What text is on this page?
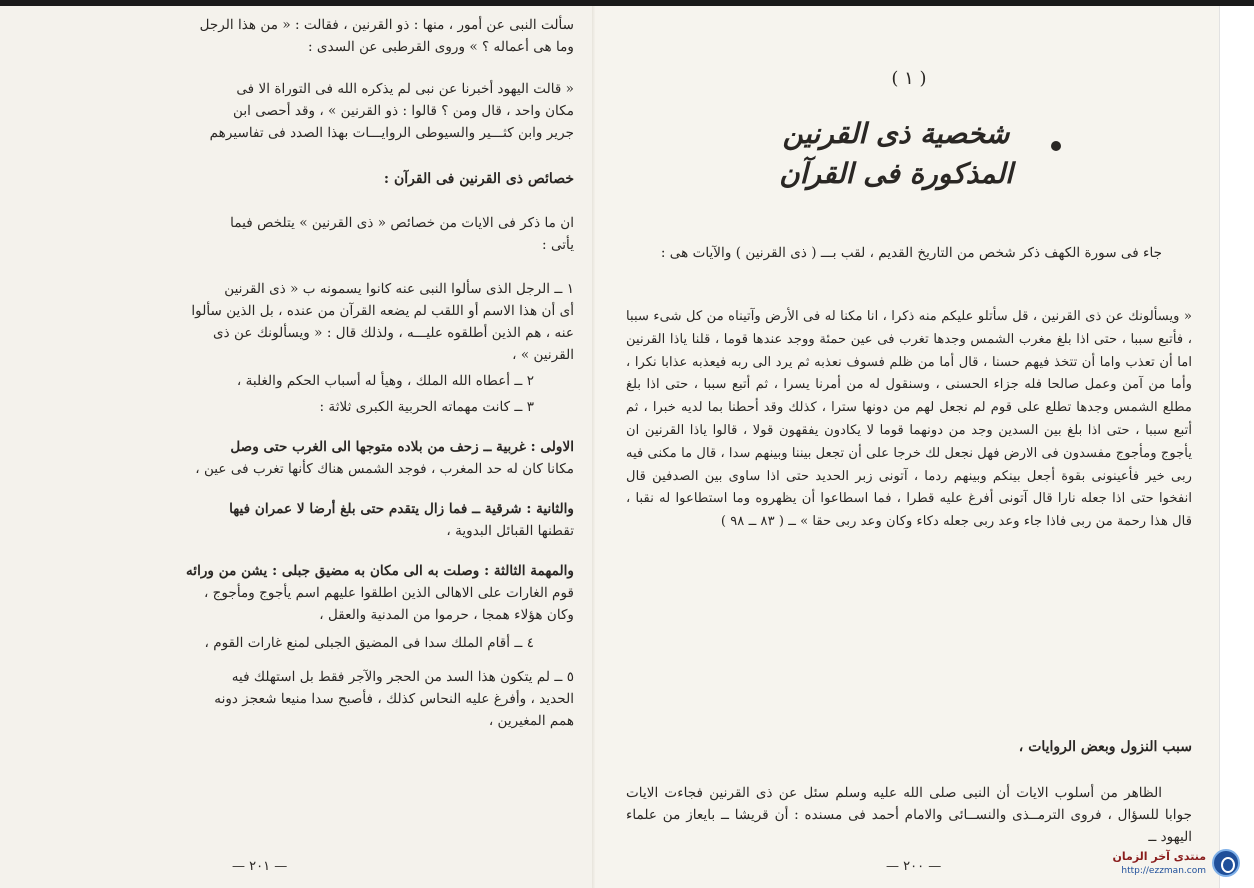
سألت النبى عن أمور ، منها : ذو القرنين ، فقالت : « من هذا الرجل

وما هى أعماله ؟ » وروى القرطبى عن السدى :

« قالت اليهود أخبرنا عن نبى لم يذكره الله فى التوراة الا فى

مكان واحد ، قال ومن ؟ قالوا : ذو القرنين » ، وقد أحصى ابن

جرير وابن كثـــير والسيوطى الروايـــات بهذا الصدد فى تفاسيرهم

خصائص ذى القرنين فى القرآن :

ان ما ذكر فى الايات من خصائص « ذى القرنين » يتلخص فيما

يأتى :

١ ــ الرجل الذى سألوا النبى عنه كانوا يسمونه ب « ذى القرنين

أى أن هذا الاسم أو اللقب لم يضعه القرآن من عنده ، بل الذين سألوا

عنه ، هم الذين أطلقوه عليـــه ، ولذلك قال : « ويسألونك عن ذى

القرنين » ،

٢ ــ أعطاه الله الملك ، وهيأ له أسباب الحكم والغلبة ،

٣ ــ كانت مهماته الحربية الكبرى ثلاثة :

الاولى : غربية ــ زحف من بلاده متوجها الى الغرب حتى وصل

مكانا كان له حد المغرب ، فوجد الشمس هناك كأنها تغرب فى عين ،

والثانية : شرقية ــ فما زال يتقدم حتى بلغ أرضا لا عمران فيها

تقطنها القبائل البدوية ،

والمهمة الثالثة : وصلت به الى مكان به مضيق جبلى : يشن من ورائه

قوم الغارات على الاهالى الذين اطلقوا عليهم اسم يأجوج ومأجوج ،

وكان هؤلاء همجا ، حرموا من المدنية والعقل ،

٤ ــ أقام الملك سدا فى المضيق الجبلى لمنع غارات القوم ،

٥ ــ لم يتكون هذا السد من الحجر والآجر فقط بل استهلك فيه

الحديد ، وأفرغ عليه النحاس كذلك ، فأصبح سدا منيعا شعجز دونه

همم المغيرين ،

— ٢٠١ —
( ١ )
شخصية ذى القرنين
المذكورة فى القرآن

جاء فى سورة الكهف ذكر شخص من التاريخ القديم ، لقب بـــ ( ذى القرنين ) والآيات هى :

« ويسألونك عن ذى القرنين ، قل سأتلو عليكم منه ذكرا ، انا مكنا له فى الأرض وآتيناه من كل شىء سببا ، فأتبع سببا ، حتى اذا بلغ مغرب الشمس وجدها تغرب فى عين حمئة ووجد عندها قوما ، قلنا ياذا القرنين اما أن تعذب واما أن تتخذ فيهم حسنا ، قال أما من ظلم فسوف نعذبه ثم يرد الى ربه فيعذبه عذابا نكرا ، وأما من آمن وعمل صالحا فله جزاء الحسنى ، وسنقول له من أمرنا يسرا ، ثم أتبع سببا ، حتى اذا بلغ مطلع الشمس وجدها تطلع على قوم لم نجعل لهم من دونها سترا ، كذلك وقد أحطنا بما لديه خبرا ، ثم أتبع سببا ، حتى اذا بلغ بين السدين وجد من دونهما قوما لا يكادون يفقهون قولا ، قالوا ياذا القرنين ان يأجوج ومأجوج مفسدون فى الارض فهل نجعل لك خرجا على أن تجعل بيننا وبينهم سدا ، قال ما مكنى فيه ربى خير فأعينونى بقوة أجعل بينكم وبينهم ردما ، آتونى زبر الحديد حتى اذا ساوى بين الصدفين قال انفخوا حتى اذا جعله نارا قال آتونى أفرغ عليه قطرا ، فما اسطاعوا أن يظهروه وما استطاعوا له نقبا ، قال هذا رحمة من ربى فاذا جاء وعد ربى جعله دكاء وكان وعد ربى حقا » ــ ( ٨٣ ــ ٩٨ )

سبب النزول وبعض الروايات ،

الظاهر من أسلوب الايات أن النبى صلى الله عليه وسلم سئل عن ذى القرنين فجاءت الايات جوابا للسؤال ، فروى الترمــذى والنســائى والامام أحمد فى مسنده : أن قريشا ــ بايعاز من علماء اليهود ــ

— ٢٠٠ —
منتدى آخر الزمان
http://ezzman.com
